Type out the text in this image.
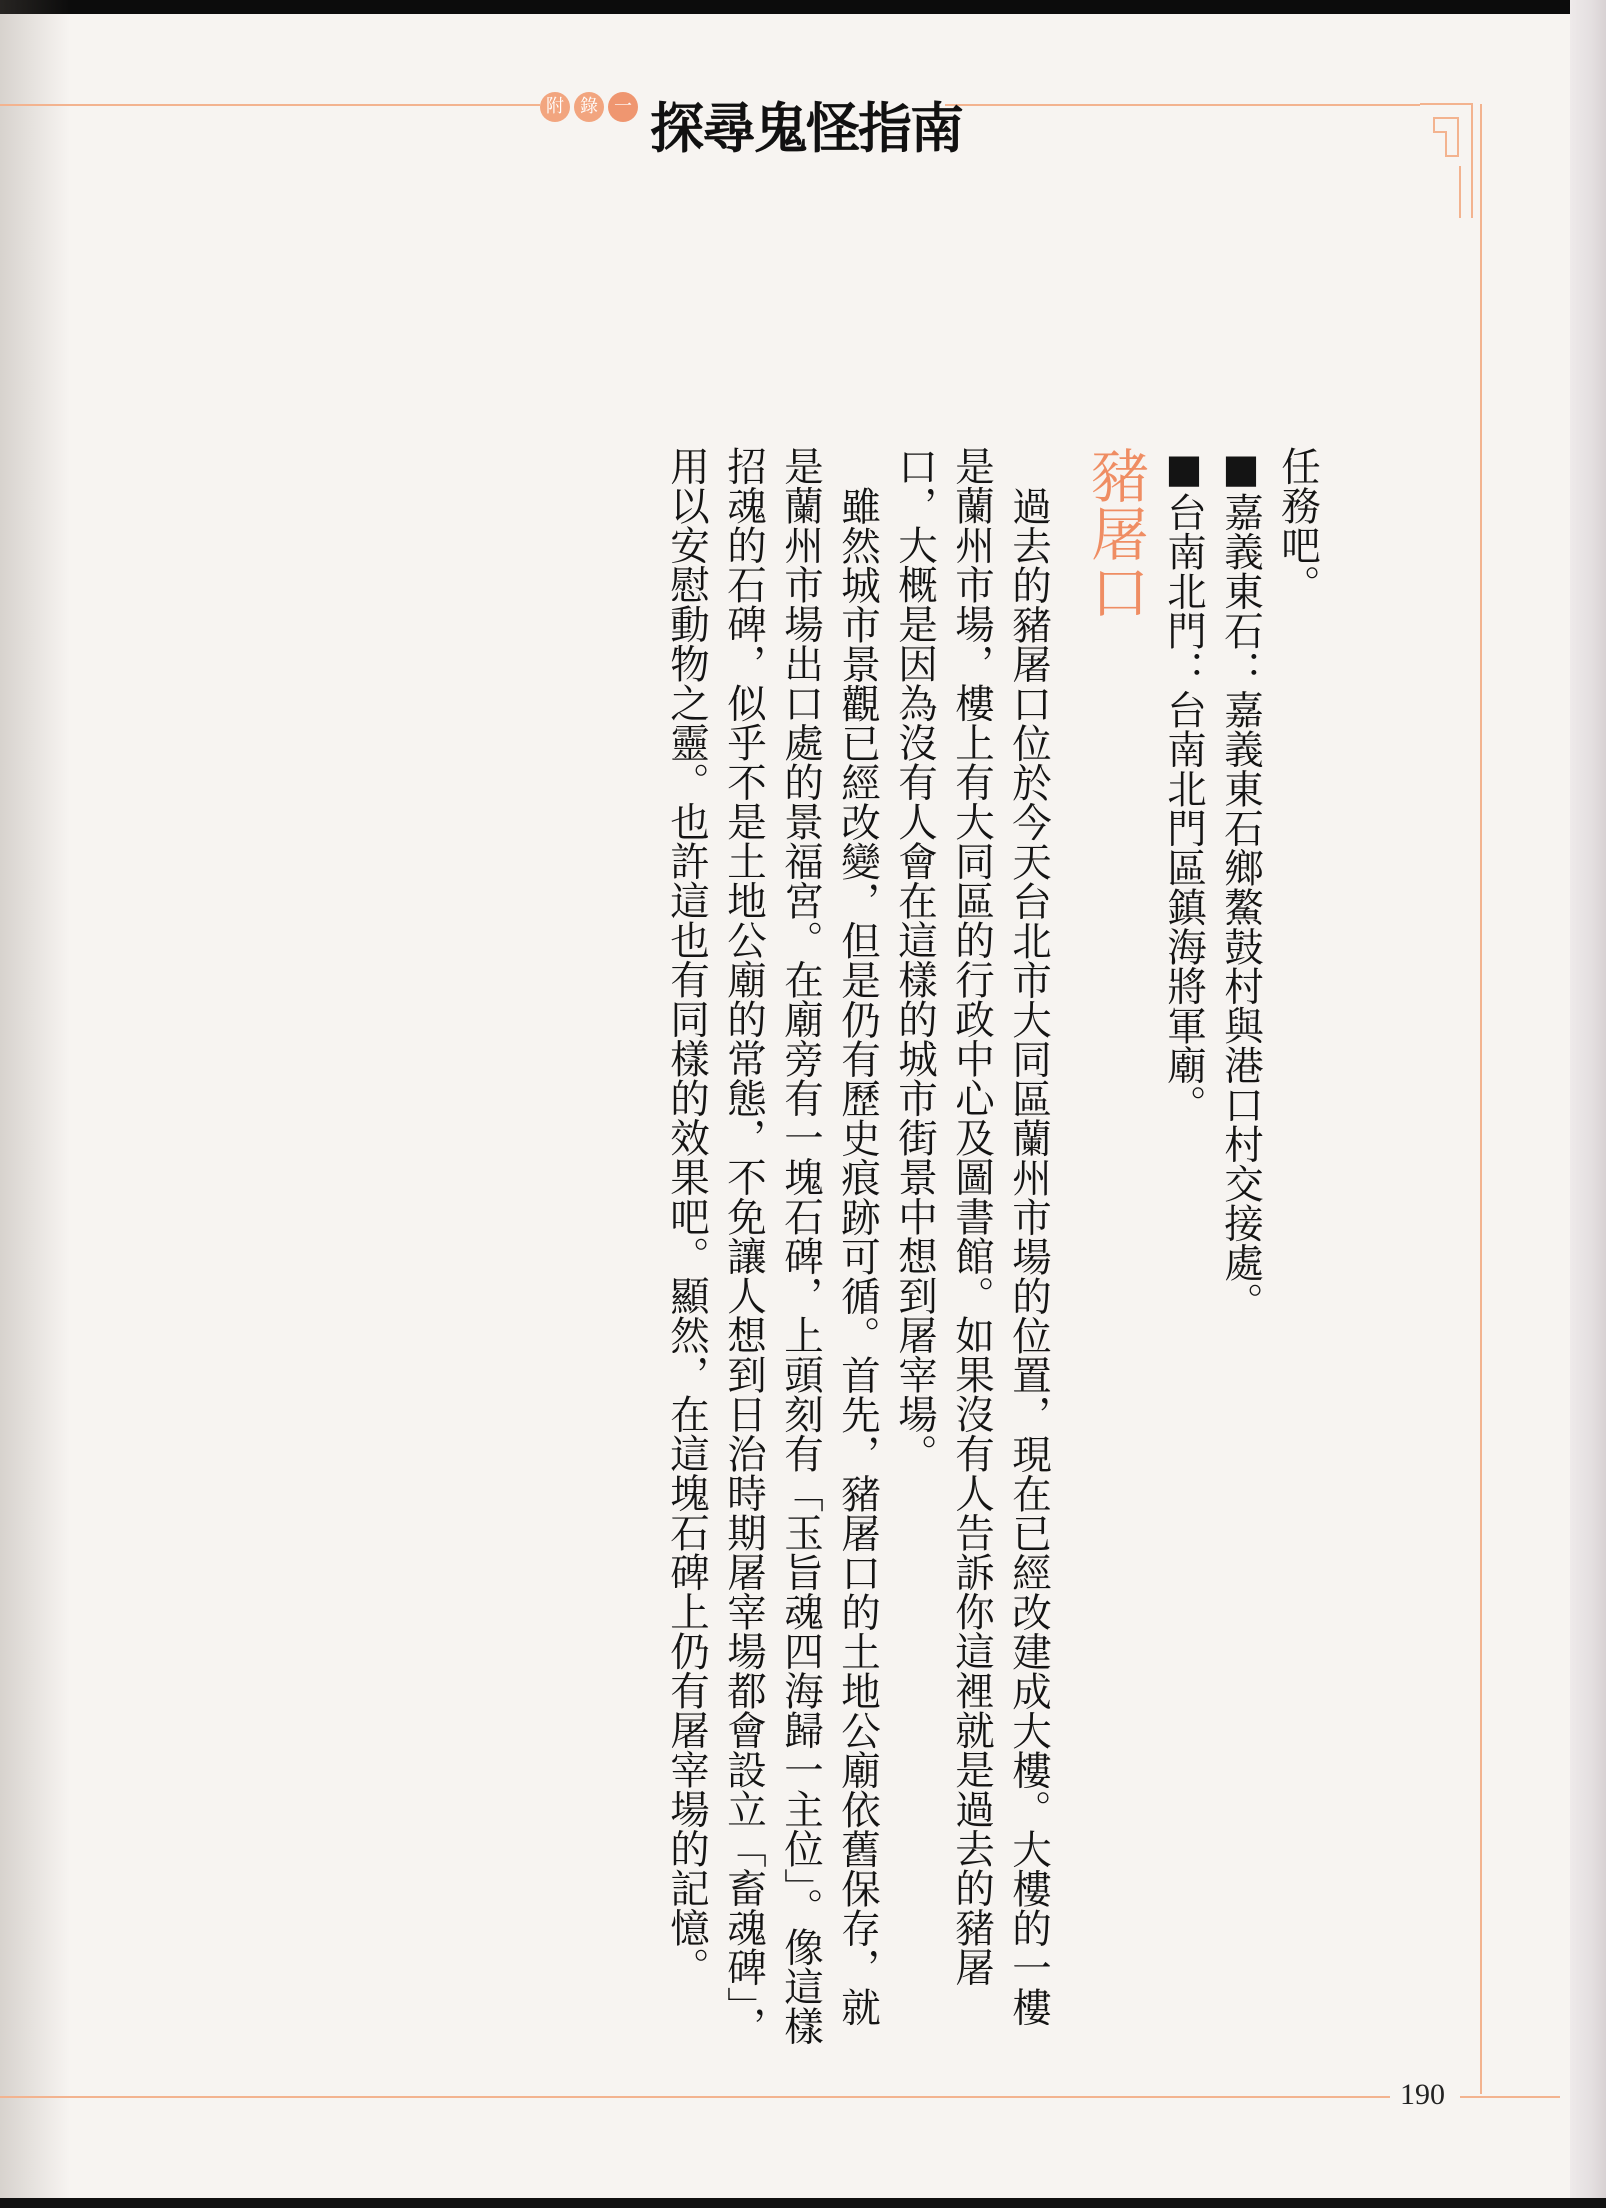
附 錄 一 探尋鬼怪指南

任務吧。

■嘉義東石：嘉義東石鄉鰲鼓村與港口村交接處。

■台南北門：台南北門區鎮海將軍廟。

豬屠口

過去的豬屠口位於今天台北市大同區蘭州市場的位置，現在已經改建成大樓。大樓的一樓是蘭州市場，樓上有大同區的行政中心及圖書館。如果沒有人告訴你這裡就是過去的豬屠口，大概是因為沒有人會在這樣的城市街景中想到屠宰場。

雖然城市景觀已經改變，但是仍有歷史痕跡可循。首先，豬屠口的土地公廟依舊保存，就是蘭州市場出口處的景福宮。在廟旁有一塊石碑，上頭刻有「玉旨魂四海歸一主位」。像這樣招魂的石碑，似乎不是土地公廟的常態，不免讓人想到日治時期屠宰場都會設立「畜魂碑」，用以安慰動物之靈。也許這也有同樣的效果吧。顯然，在這塊石碑上仍有屠宰場的記憶。

190
